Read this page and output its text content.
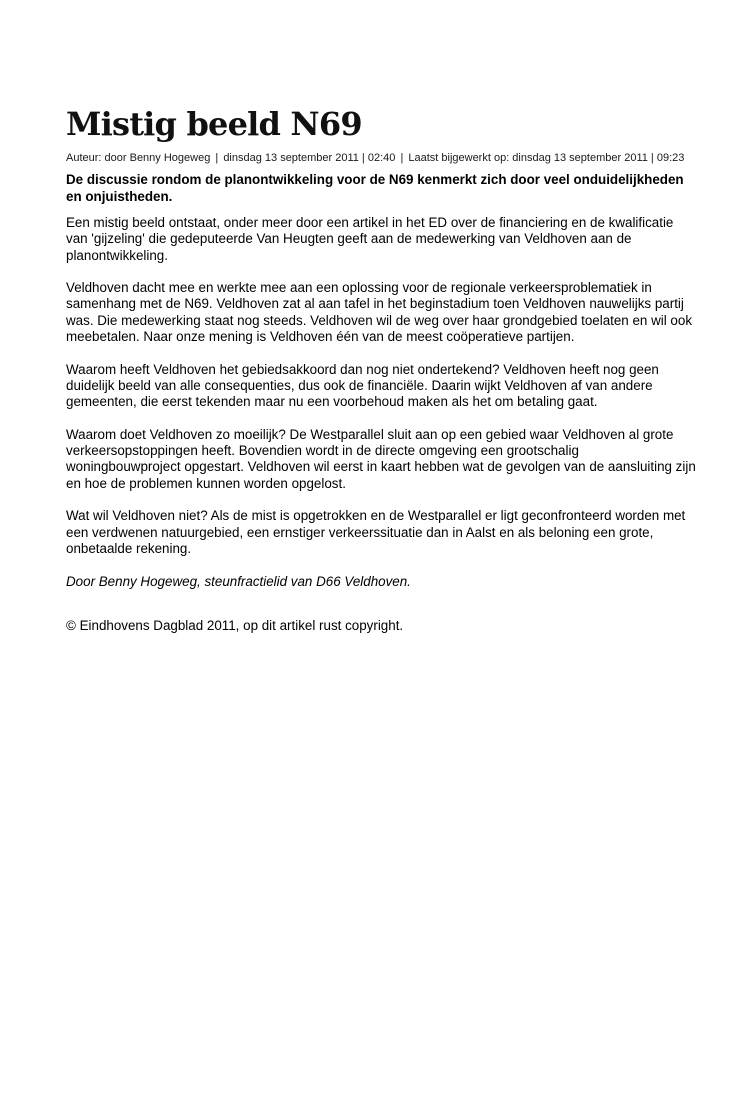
Mistig beeld N69
Auteur: door Benny Hogeweg | dinsdag 13 september 2011 | 02:40 | Laatst bijgewerkt op: dinsdag 13 september 2011 | 09:23

De discussie rondom de planontwikkeling voor de N69 kenmerkt zich door veel onduidelijkheden en onjuistheden.

Een mistig beeld ontstaat, onder meer door een artikel in het ED over de financiering en de kwalificatie van 'gijzeling' die gedeputeerde Van Heugten geeft aan de medewerking van Veldhoven aan de planontwikkeling.

Veldhoven dacht mee en werkte mee aan een oplossing voor de regionale verkeersproblematiek in samenhang met de N69. Veldhoven zat al aan tafel in het beginstadium toen Veldhoven nauwelijks partij was. Die medewerking staat nog steeds. Veldhoven wil de weg over haar grondgebied toelaten en wil ook meebetalen. Naar onze mening is Veldhoven één van de meest coöperatieve partijen.

Waarom heeft Veldhoven het gebiedsakkoord dan nog niet ondertekend? Veldhoven heeft nog geen duidelijk beeld van alle consequenties, dus ook de financiële. Daarin wijkt Veldhoven af van andere gemeenten, die eerst tekenden maar nu een voorbehoud maken als het om betaling gaat.

Waarom doet Veldhoven zo moeilijk? De Westparallel sluit aan op een gebied waar Veldhoven al grote verkeersopstoppingen heeft. Bovendien wordt in de directe omgeving een grootschalig woningbouwproject opgestart. Veldhoven wil eerst in kaart hebben wat de gevolgen van de aansluiting zijn en hoe de problemen kunnen worden opgelost.

Wat wil Veldhoven niet? Als de mist is opgetrokken en de Westparallel er ligt geconfronteerd worden met een verdwenen natuurgebied, een ernstiger verkeerssituatie dan in Aalst en als beloning een grote, onbetaalde rekening.

Door Benny Hogeweg, steunfractielid van D66 Veldhoven.

© Eindhovens Dagblad 2011, op dit artikel rust copyright.
